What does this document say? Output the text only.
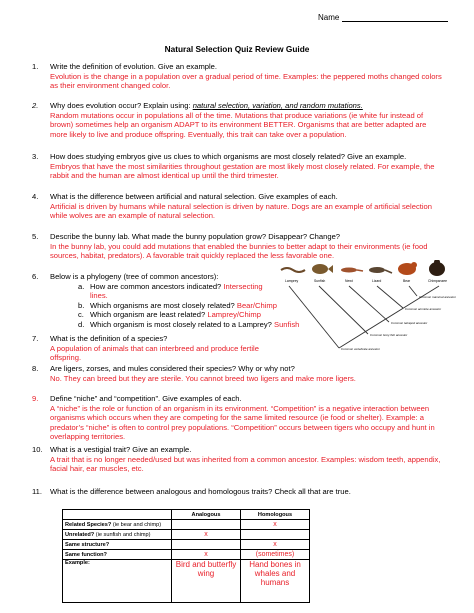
Name
Natural Selection Quiz Review Guide
1. Write the definition of evolution. Give an example.
Evolution is the change in a population over a gradual period of time. Examples: the peppered moths changed colors as their environment changed color.
2. Why does evolution occur? Explain using: natural selection, variation, and random mutations.
Random mutations occur in populations all of the time. Mutations that produce variations (ie white fur instead of brown) sometimes help an organism ADAPT to its environment BETTER. Organisms that are better adapted are more likely to live and produce offspring. Eventually, this trait can take over a population.
3. How does studying embryos give us clues to which organisms are most closely related? Give an example.
Embryos that have the most similarities throughout gestation are most likely most closely related. For example, the rabbit and the human are almost identical up until the third trimester.
4. What is the difference between artificial and natural selection. Give examples of each.
Artificial is driven by humans while natural selection is driven by nature. Dogs are an example of artificial selection while wolves are an example of natural selection.
5. Describe the bunny lab. What made the bunny population grow? Disappear? Change?
In the bunny lab, you could add mutations that enabled the bunnies to better adapt to their environments (ie food sources, habitat, predators). A favorable trait quickly replaced the less favorable one.
6. Below is a phylogeny (tree of common ancestors):
a. How are common ancestors indicated? Intersecting lines.
b. Which organisms are most closely related? Bear/Chimp
c. Which organism are least related? Lamprey/Chimp
d. Which organism is most closely related to a Lamprey? Sunfish
Lamprey	Sunfish	Newt	Lizard	Bear	Chimpanzee
Common mammal ancestor
Common amniote ancestor
Common tetrapod ancestor
Common bony fish ancestor
Common vertebrate ancestor
7. What is the definition of a species?
A population of animals that can interbreed and produce fertile offspring.
8. Are ligers, zorses, and mules considered their species? Why or why not?
No. They can breed but they are sterile. You cannot breed two ligers and make more ligers.
9. Define “niche” and “competition”. Give examples of each.
A “niche” is the role or function of an organism in its environment. “Competition” is a negative interaction between organisms which occurs when they are competing for the same limited resource (ie food or shelter). Example: a predator’s “niche” is often to control prey populations. “Competition” occurs between tigers who occupy and hunt in overlapping territories.
10. What is a vestigial trait? Give an example.
A trait that is no longer needed/used but was inherited from a common ancestor. Examples: wisdom teeth, appendix, facial hair, ear muscles, etc.
11. What is the difference between analogous and homologous traits? Check all that are true.
	Analogous	Homologous
Related Species? (ie bear and chimp)		x
Unrelated? (ie sunfish and chimp)	x	
Same structure?		x
Same function?	x	(sometimes)
Example:	Bird and butterfly wing	Hand bones in whales and humans
